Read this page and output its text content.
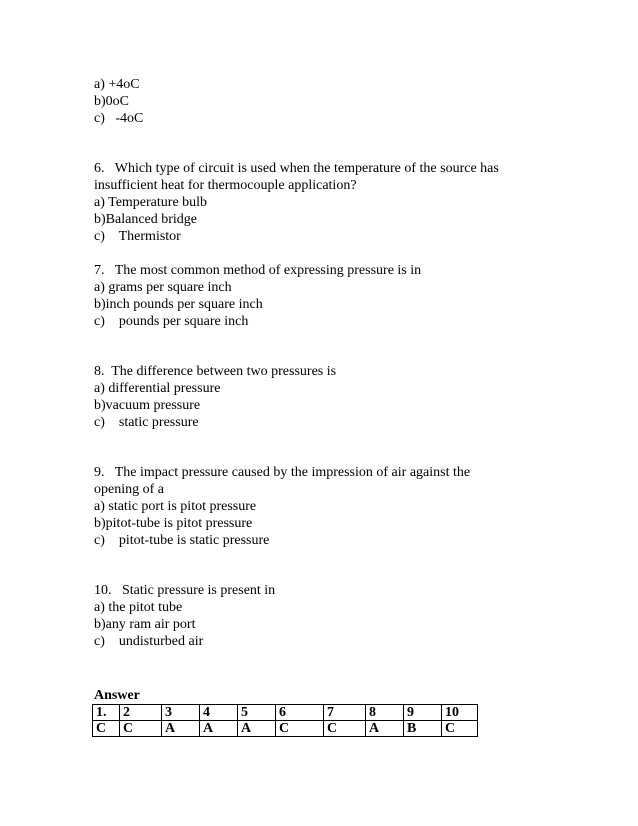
a) +4oC
b)0oC
c)   -4oC
6.   Which type of circuit is used when the temperature of the source has
insufficient heat for thermocouple application?
a) Temperature bulb
b)Balanced bridge
c)    Thermistor
7.   The most common method of expressing pressure is in
a) grams per square inch
b)inch pounds per square inch
c)    pounds per square inch
8.  The difference between two pressures is
a) differential pressure
b)vacuum pressure
c)    static pressure
9.   The impact pressure caused by the impression of air against the
opening of a
a) static port is pitot pressure
b)pitot-tube is pitot pressure
c)    pitot-tube is static pressure
10.   Static pressure is present in
a) the pitot tube
b)any ram air port
c)    undisturbed air
Answer
1.	2	3	4	5	6	7	8	9	10
C	C	A	A	A	C	C	A	B	C
